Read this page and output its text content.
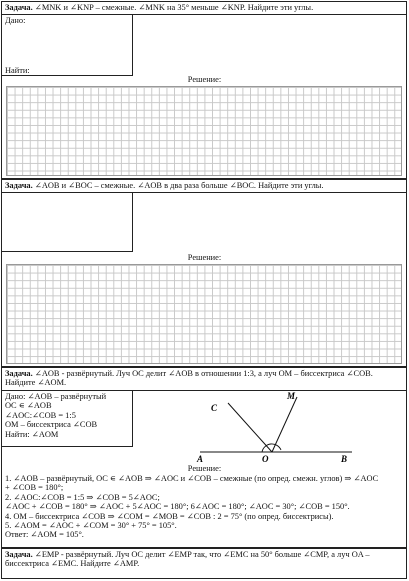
Задача. ∠MNK и ∠KNP – смежные. ∠MNK на 35° меньше ∠KNP. Найдите эти углы.
Дано:
Найти:
Решение:
Задача. ∠AOB и ∠BOC – смежные. ∠AOB в два раза больше ∠BOC. Найдите эти углы.
Решение:
Задача. ∠AOB - развёрнутый. Луч OC делит ∠AOB в отношении 1:3, а луч OM – биссектриса ∠COB. Найдите ∠AOM.
Дано: ∠AOB – развёрнутый
OC ∊ ∠AOB
∠AOC:∠COB = 1:5
OM – биссектриса ∠COB
Найти: ∠AOM
C
M
A	O	B
Решение:
1. ∠AOB – развёрнутый, OC ∊ ∠AOB ⇒ ∠AOC и ∠COB – смежные (по опред. смежн. углов) ⇒ ∠AOC
+ ∠COB = 180°;
2. ∠AOC:∠COB = 1:5 ⇒ ∠COB = 5∠AOC;
∠AOC + ∠COB = 180° ⇒ ∠AOC + 5∠AOC = 180°; 6∠AOC = 180°; ∠AOC = 30°; ∠COB = 150°.
4. OM – биссектриса ∠COB ⇒ ∠COM = ∠MOB = ∠COB : 2 = 75° (по опред. биссектрисы).
5. ∠AOM = ∠AOC + ∠COM = 30° + 75° = 105°.
Ответ: ∠AOM = 105°.
Задача. ∠EMP - развёрнутый. Луч OC делит ∠EMP так, что ∠EMC на 50° больше ∠CMP, а луч OA – биссектриса ∠EMC. Найдите ∠AMP.
